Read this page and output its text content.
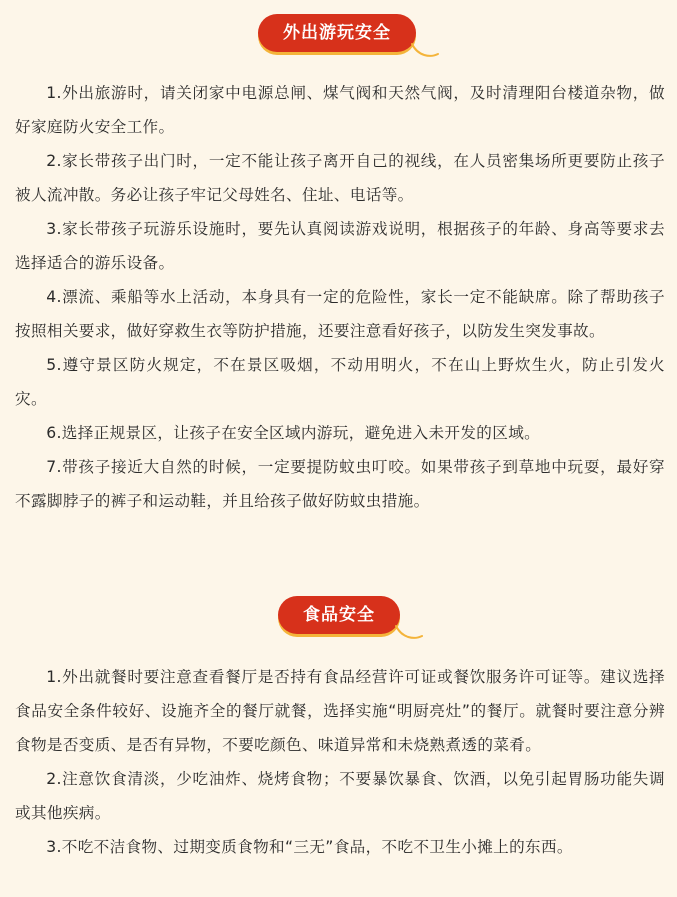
外出游玩安全

1.外出旅游时，请关闭家中电源总闸、煤气阀和天然气阀，及时清理阳台楼道杂物，做好家庭防火安全工作。

2.家长带孩子出门时，一定不能让孩子离开自己的视线，在人员密集场所更要防止孩子被人流冲散。务必让孩子牢记父母姓名、住址、电话等。

3.家长带孩子玩游乐设施时，要先认真阅读游戏说明，根据孩子的年龄、身高等要求去选择适合的游乐设备。

4.漂流、乘船等水上活动，本身具有一定的危险性，家长一定不能缺席。除了帮助孩子按照相关要求，做好穿救生衣等防护措施，还要注意看好孩子，以防发生突发事故。

5.遵守景区防火规定，不在景区吸烟，不动用明火，不在山上野炊生火，防止引发火灾。

6.选择正规景区，让孩子在安全区域内游玩，避免进入未开发的区域。

7.带孩子接近大自然的时候，一定要提防蚊虫叮咬。如果带孩子到草地中玩耍，最好穿不露脚脖子的裤子和运动鞋，并且给孩子做好防蚊虫措施。

食品安全

1.外出就餐时要注意查看餐厅是否持有食品经营许可证或餐饮服务许可证等。建议选择食品安全条件较好、设施齐全的餐厅就餐，选择实施“明厨亮灶”的餐厅。就餐时要注意分辨食物是否变质、是否有异物，不要吃颜色、味道异常和未烧熟煮透的菜肴。

2.注意饮食清淡，少吃油炸、烧烤食物；不要暴饮暴食、饮酒，以免引起胃肠功能失调或其他疾病。

3.不吃不洁食物、过期变质食物和“三无”食品，不吃不卫生小摊上的东西。
